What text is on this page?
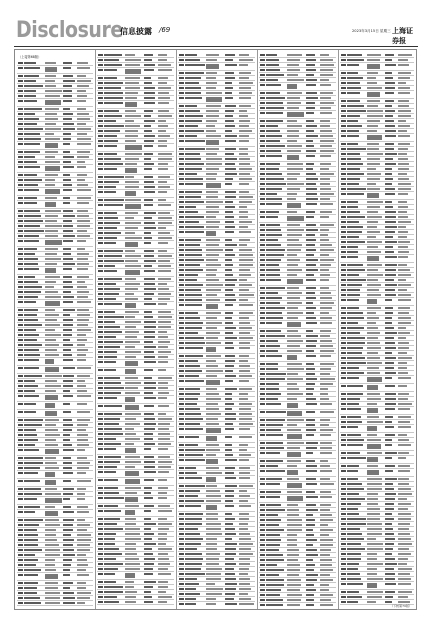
Disclosure
信息披露 /69	2023年3月15日 星期三 上海证券报
（上接第68版）
（下转第70版）
